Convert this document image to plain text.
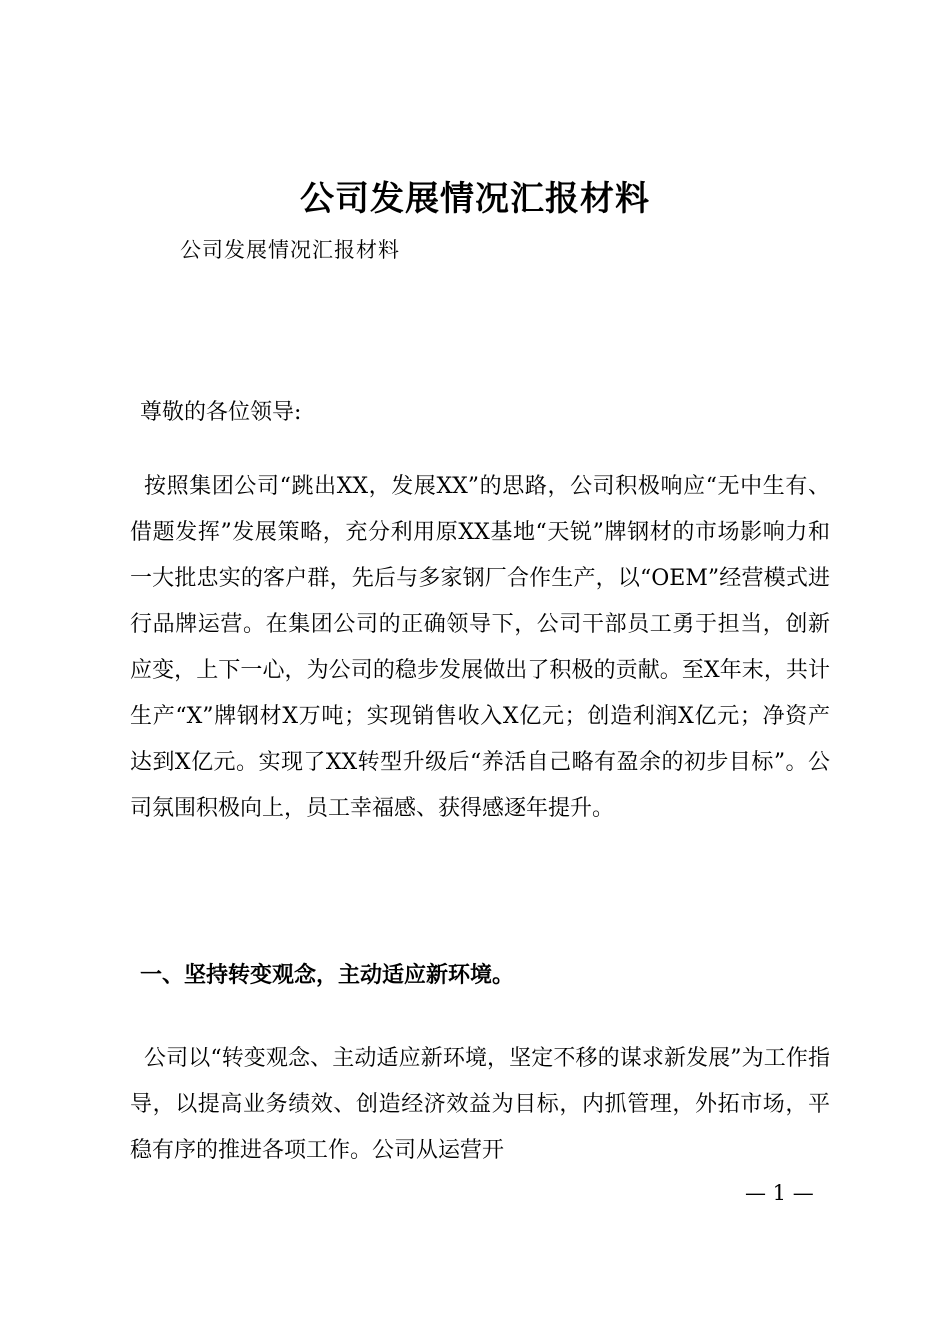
公司发展情况汇报材料
公司发展情况汇报材料
尊敬的各位领导:
按照集团公司“跳出XX，发展XX”的思路，公司积极响应“无中生有、借题发挥”发展策略，充分利用原XX基地“天锐”牌钢材的市场影响力和一大批忠实的客户群，先后与多家钢厂合作生产，以“OEM”经营模式进行品牌运营。在集团公司的正确领导下，公司干部员工勇于担当，创新应变，上下一心，为公司的稳步发展做出了积极的贡献。至X年末，共计生产“X”牌钢材X万吨；实现销售收入X亿元；创造利润X亿元；净资产达到X亿元。实现了XX转型升级后“养活自己略有盈余的初步目标”。公司氛围积极向上，员工幸福感、获得感逐年提升。
一、坚持转变观念，主动适应新环境。
公司以“转变观念、主动适应新环境，坚定不移的谋求新发展”为工作指导，以提高业务绩效、创造经济效益为目标，内抓管理，外拓市场，平稳有序的推进各项工作。公司从运营开
— 1 —
